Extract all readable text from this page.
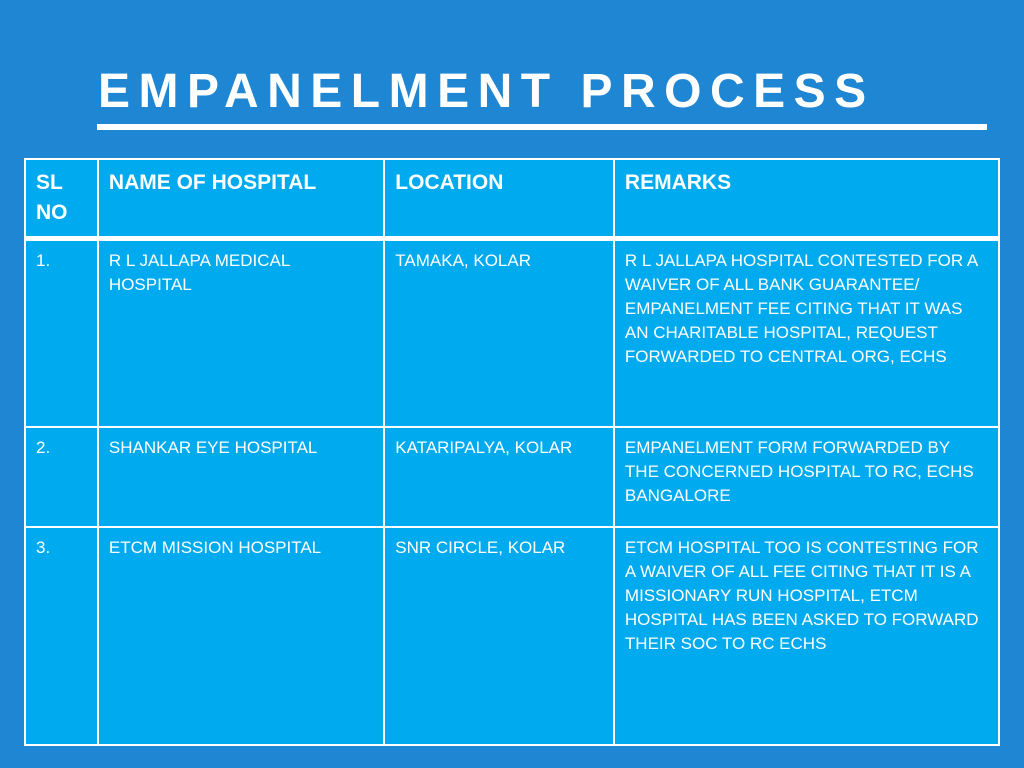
EMPANELMENT PROCESS
SL NO	NAME OF HOSPITAL	LOCATION	REMARKS
1.	R L JALLAPA MEDICAL HOSPITAL	TAMAKA, KOLAR	R L JALLAPA HOSPITAL CONTESTED FOR A WAIVER OF ALL BANK GUARANTEE/ EMPANELMENT FEE CITING THAT IT WAS AN CHARITABLE HOSPITAL, REQUEST FORWARDED TO CENTRAL ORG, ECHS
2.	SHANKAR EYE HOSPITAL	KATARIPALYA, KOLAR	EMPANELMENT FORM FORWARDED BY THE CONCERNED HOSPITAL TO RC, ECHS BANGALORE
3.	ETCM MISSION HOSPITAL	SNR CIRCLE, KOLAR	ETCM HOSPITAL TOO IS CONTESTING FOR A WAIVER OF ALL FEE CITING THAT IT IS A MISSIONARY RUN HOSPITAL, ETCM HOSPITAL HAS BEEN ASKED TO FORWARD THEIR SOC TO RC ECHS
